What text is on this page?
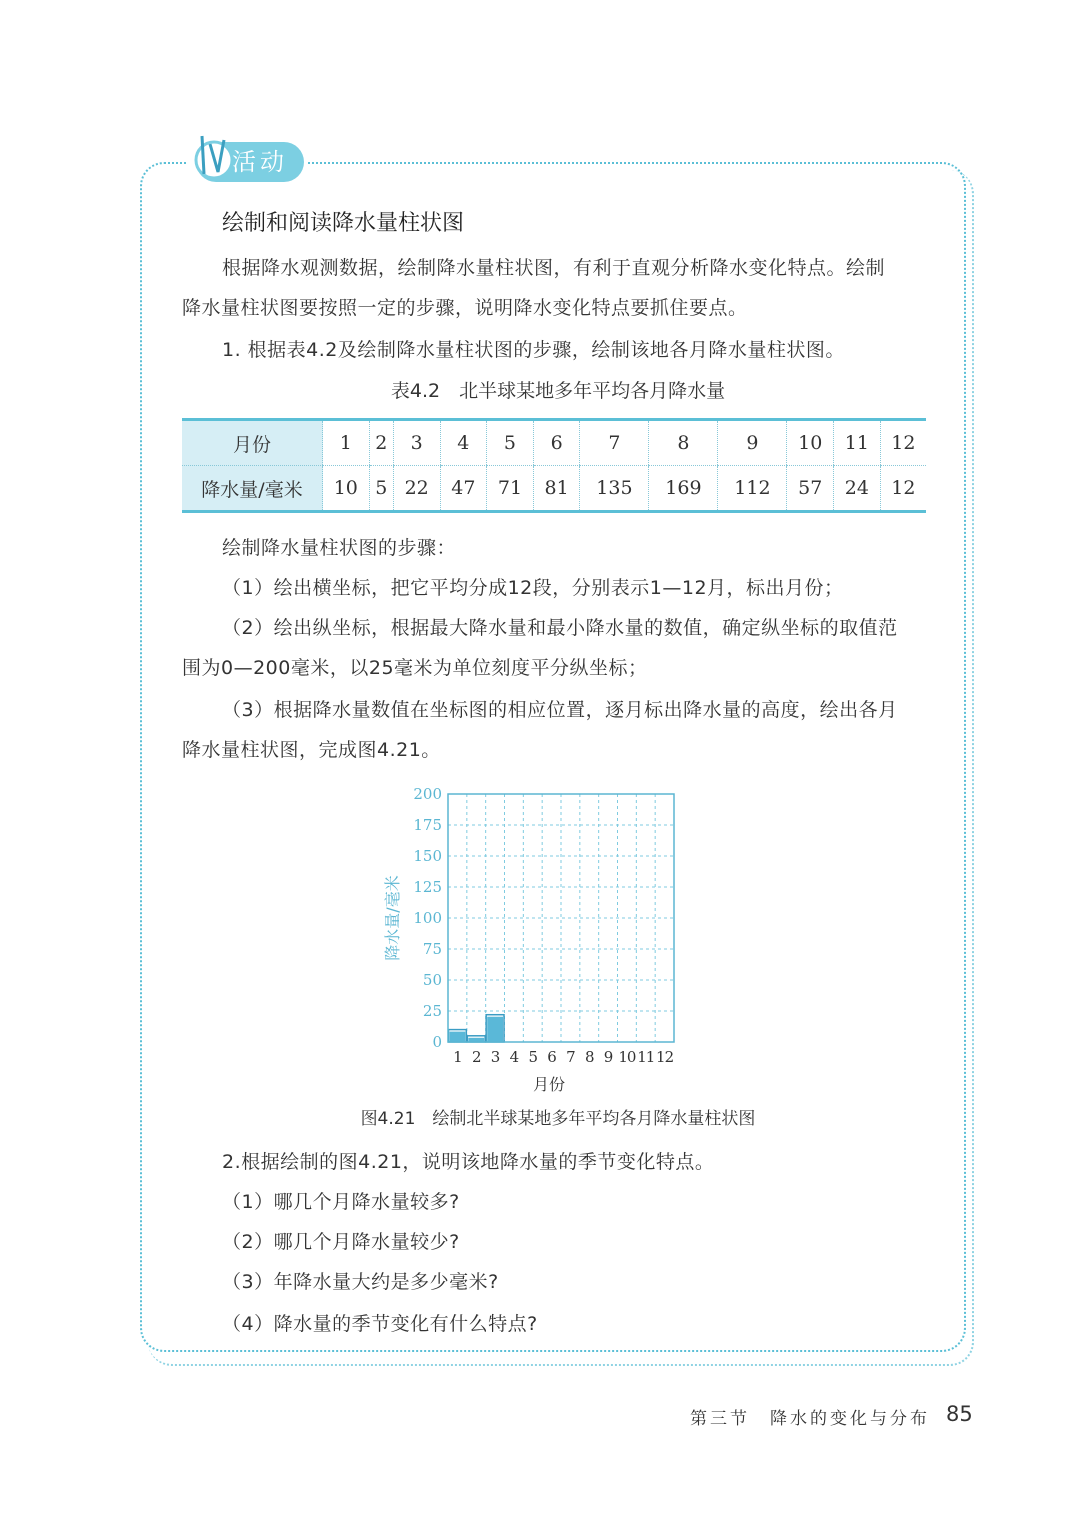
活动
绘制和阅读降水量柱状图
根据降水观测数据，绘制降水量柱状图，有利于直观分析降水变化特点。绘制
降水量柱状图要按照一定的步骤，说明降水变化特点要抓住要点。
1. 根据表4.2及绘制降水量柱状图的步骤，绘制该地各月降水量柱状图。
表4.2　北半球某地多年平均各月降水量
月份	1	2	3	4	5	6	7	8	9	10	11	12
降水量/毫米	10	5	22	47	71	81	135	169	112	57	24	12
绘制降水量柱状图的步骤：
（1）绘出横坐标，把它平均分成12段，分别表示1—12月，标出月份；
（2）绘出纵坐标，根据最大降水量和最小降水量的数值，确定纵坐标的取值范
围为0—200毫米，以25毫米为单位刻度平分纵坐标；
（3）根据降水量数值在坐标图的相应位置，逐月标出降水量的高度，绘出各月
降水量柱状图，完成图4.21。
0
25
50
75
100
125
150
175
200
1 2 3 4 5 6 7 8 9 10 11 12
月份
降水量/毫米
图4.21　绘制北半球某地多年平均各月降水量柱状图
2.根据绘制的图4.21，说明该地降水量的季节变化特点。
（1）哪几个月降水量较多?
（2）哪几个月降水量较少?
（3）年降水量大约是多少毫米?
（4）降水量的季节变化有什么特点?
第三节　降水的变化与分布 85
